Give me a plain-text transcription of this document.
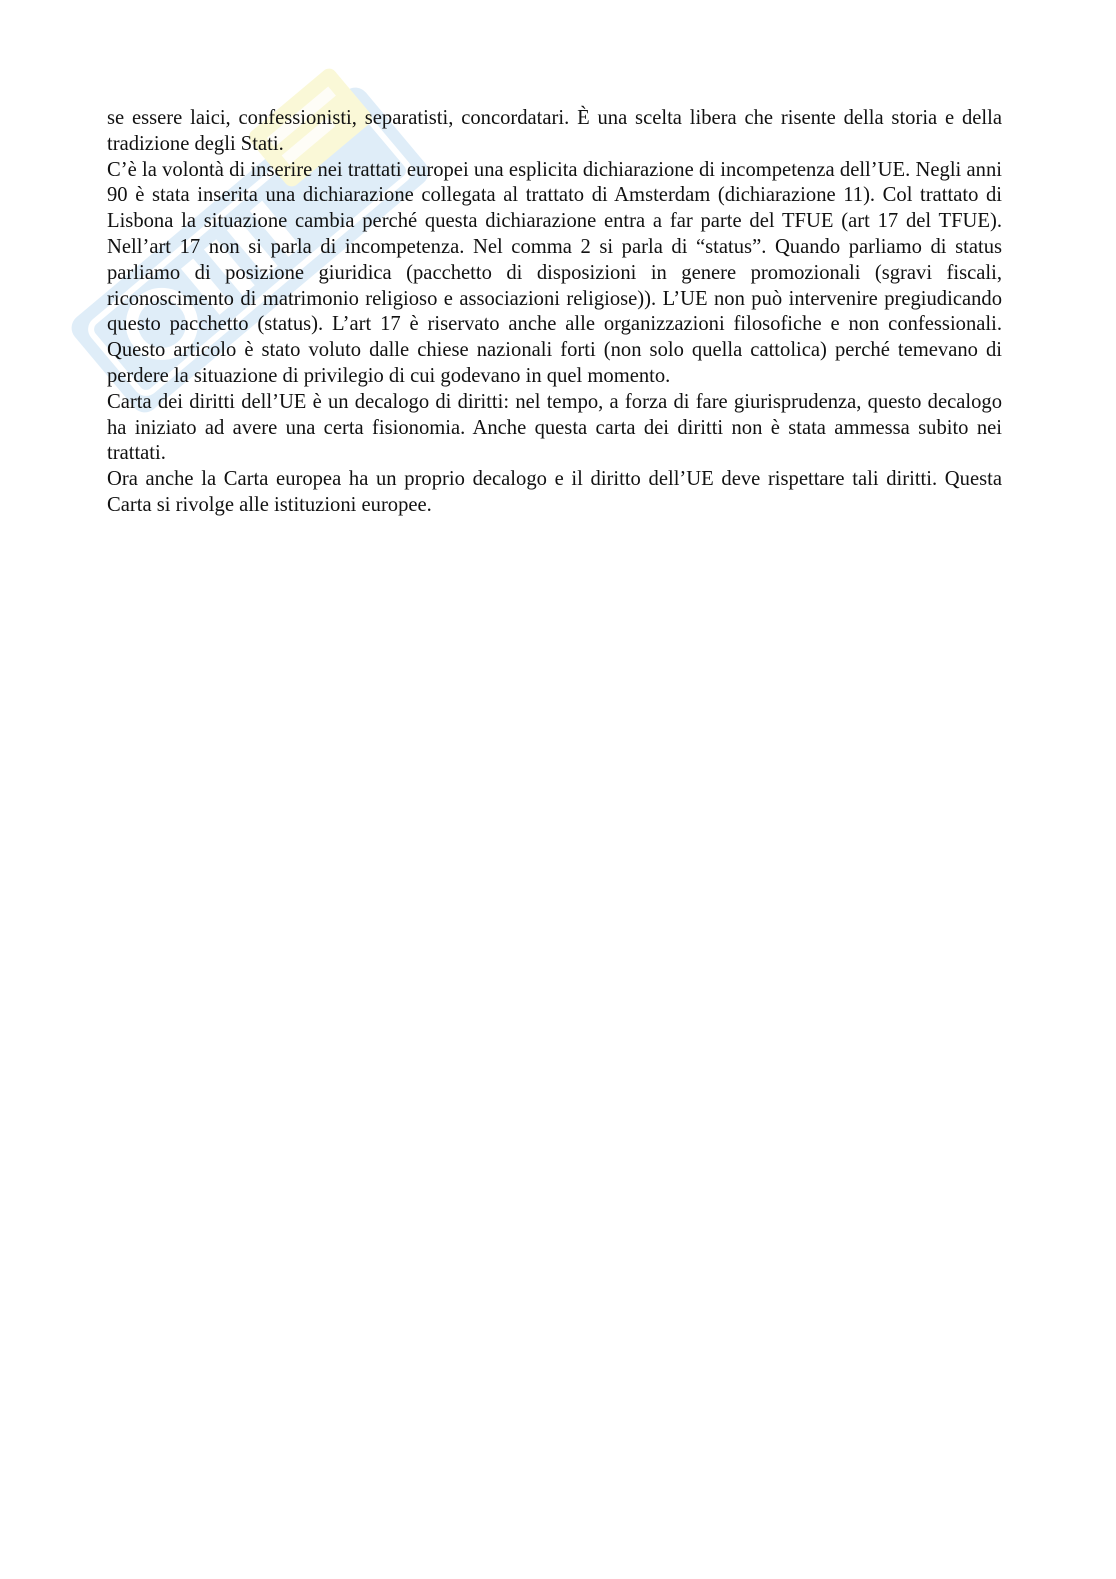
se essere laici, confessionisti, separatisti, concordatari. È una scelta libera che risente della storia e della tradizione degli Stati.

C’è la volontà di inserire nei trattati europei una esplicita dichiarazione di incompetenza dell’UE. Negli anni 90 è stata inserita una dichiarazione collegata al trattato di Amsterdam (dichiarazione 11). Col trattato di Lisbona la situazione cambia perché questa dichiarazione entra a far parte del TFUE (art 17 del TFUE). Nell’art 17 non si parla di incompetenza. Nel comma 2 si parla di “status”. Quando parliamo di status parliamo di posizione giuridica (pacchetto di disposizioni in genere promozionali (sgravi fiscali, riconoscimento di matrimonio religioso e associazioni religiose)). L’UE non può intervenire pregiudicando questo pacchetto (status). L’art 17 è riservato anche alle organizzazioni filosofiche e non confessionali. Questo articolo è stato voluto dalle chiese nazionali forti (non solo quella cattolica) perché temevano di perdere la situazione di privilegio di cui godevano in quel momento.

Carta dei diritti dell’UE è un decalogo di diritti: nel tempo, a forza di fare giurisprudenza, questo decalogo ha iniziato ad avere una certa fisionomia. Anche questa carta dei diritti non è stata ammessa subito nei trattati.

Ora anche la Carta europea ha un proprio decalogo e il diritto dell’UE deve rispettare tali diritti. Questa Carta si rivolge alle istituzioni europee.
